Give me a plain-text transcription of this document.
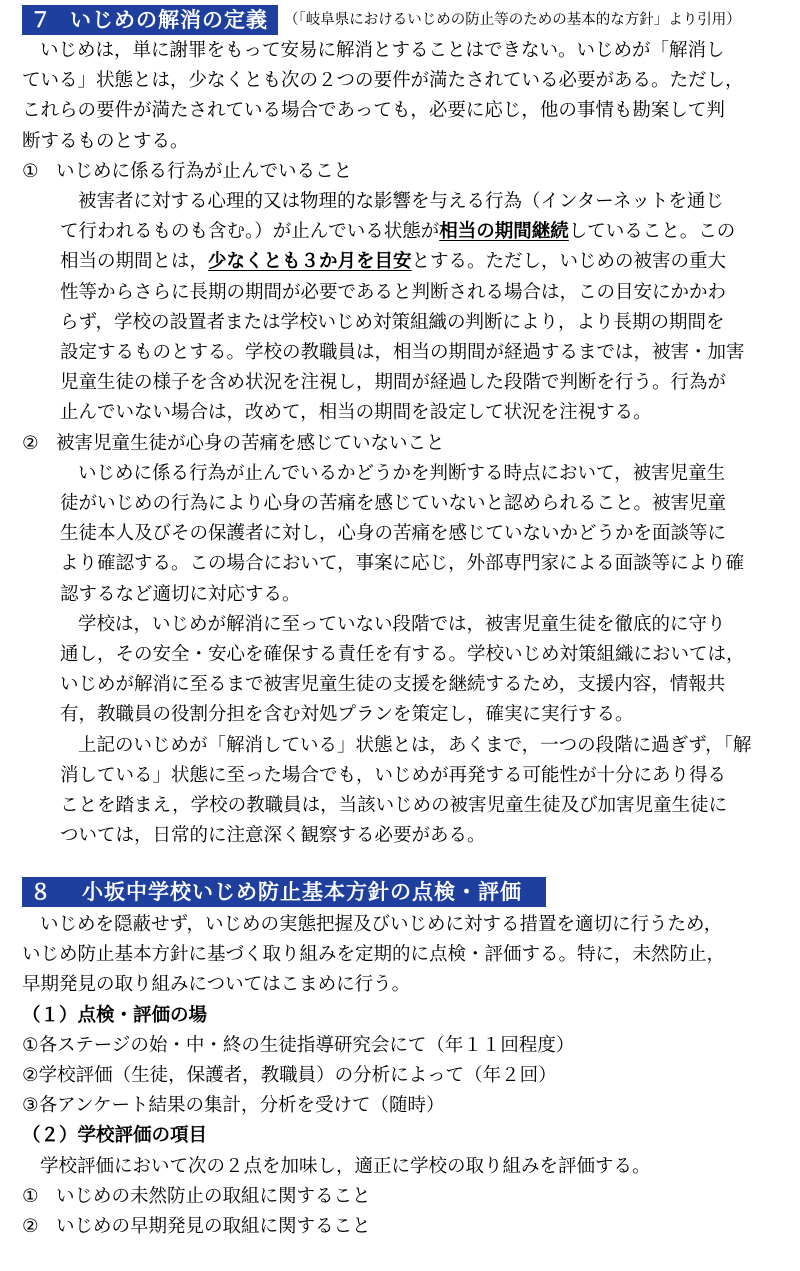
７ いじめの解消の定義	（「岐阜県におけるいじめの防止等のための基本的な方針」より引用）

いじめは，単に謝罪をもって安易に解消とすることはできない。いじめが「解消し

ている」状態とは，少なくとも次の２つの要件が満たされている必要がある。ただし，

これらの要件が満たされている場合であっても，必要に応じ，他の事情も勘案して判

断するものとする。

① いじめに係る行為が止んでいること

被害者に対する心理的又は物理的な影響を与える行為（インターネットを通じ

て行われるものも含む。）が止んでいる状態が相当の期間継続していること。この

相当の期間とは，少なくとも３か月を目安とする。ただし，いじめの被害の重大

性等からさらに長期の期間が必要であると判断される場合は，この目安にかかわ

らず，学校の設置者または学校いじめ対策組織の判断により，より長期の期間を

設定するものとする。学校の教職員は，相当の期間が経過するまでは，被害・加害

児童生徒の様子を含め状況を注視し，期間が経過した段階で判断を行う。行為が

止んでいない場合は，改めて，相当の期間を設定して状況を注視する。

② 被害児童生徒が心身の苦痛を感じていないこと

いじめに係る行為が止んでいるかどうかを判断する時点において，被害児童生

徒がいじめの行為により心身の苦痛を感じていないと認められること。被害児童

生徒本人及びその保護者に対し，心身の苦痛を感じていないかどうかを面談等に

より確認する。この場合において，事案に応じ，外部専門家による面談等により確

認するなど適切に対応する。

学校は，いじめが解消に至っていない段階では，被害児童生徒を徹底的に守り

通し，その安全・安心を確保する責任を有する。学校いじめ対策組織においては，

いじめが解消に至るまで被害児童生徒の支援を継続するため，支援内容，情報共

有，教職員の役割分担を含む対処プランを策定し，確実に実行する。

上記のいじめが「解消している」状態とは，あくまで，一つの段階に過ぎず，「解

消している」状態に至った場合でも，いじめが再発する可能性が十分にあり得る

ことを踏まえ，学校の教職員は，当該いじめの被害児童生徒及び加害児童生徒に

ついては，日常的に注意深く観察する必要がある。

８ 小坂中学校いじめ防止基本方針の点検・評価

いじめを隠蔽せず，いじめの実態把握及びいじめに対する措置を適切に行うため，

いじめ防止基本方針に基づく取り組みを定期的に点検・評価する。特に，未然防止，

早期発見の取り組みについてはこまめに行う。

（１）点検・評価の場

①各ステージの始・中・終の生徒指導研究会にて（年１１回程度）

②学校評価（生徒，保護者，教職員）の分析によって（年２回）

③各アンケート結果の集計，分析を受けて（随時）

（２）学校評価の項目

学校評価において次の２点を加味し，適正に学校の取り組みを評価する。

① いじめの未然防止の取組に関すること

② いじめの早期発見の取組に関すること
